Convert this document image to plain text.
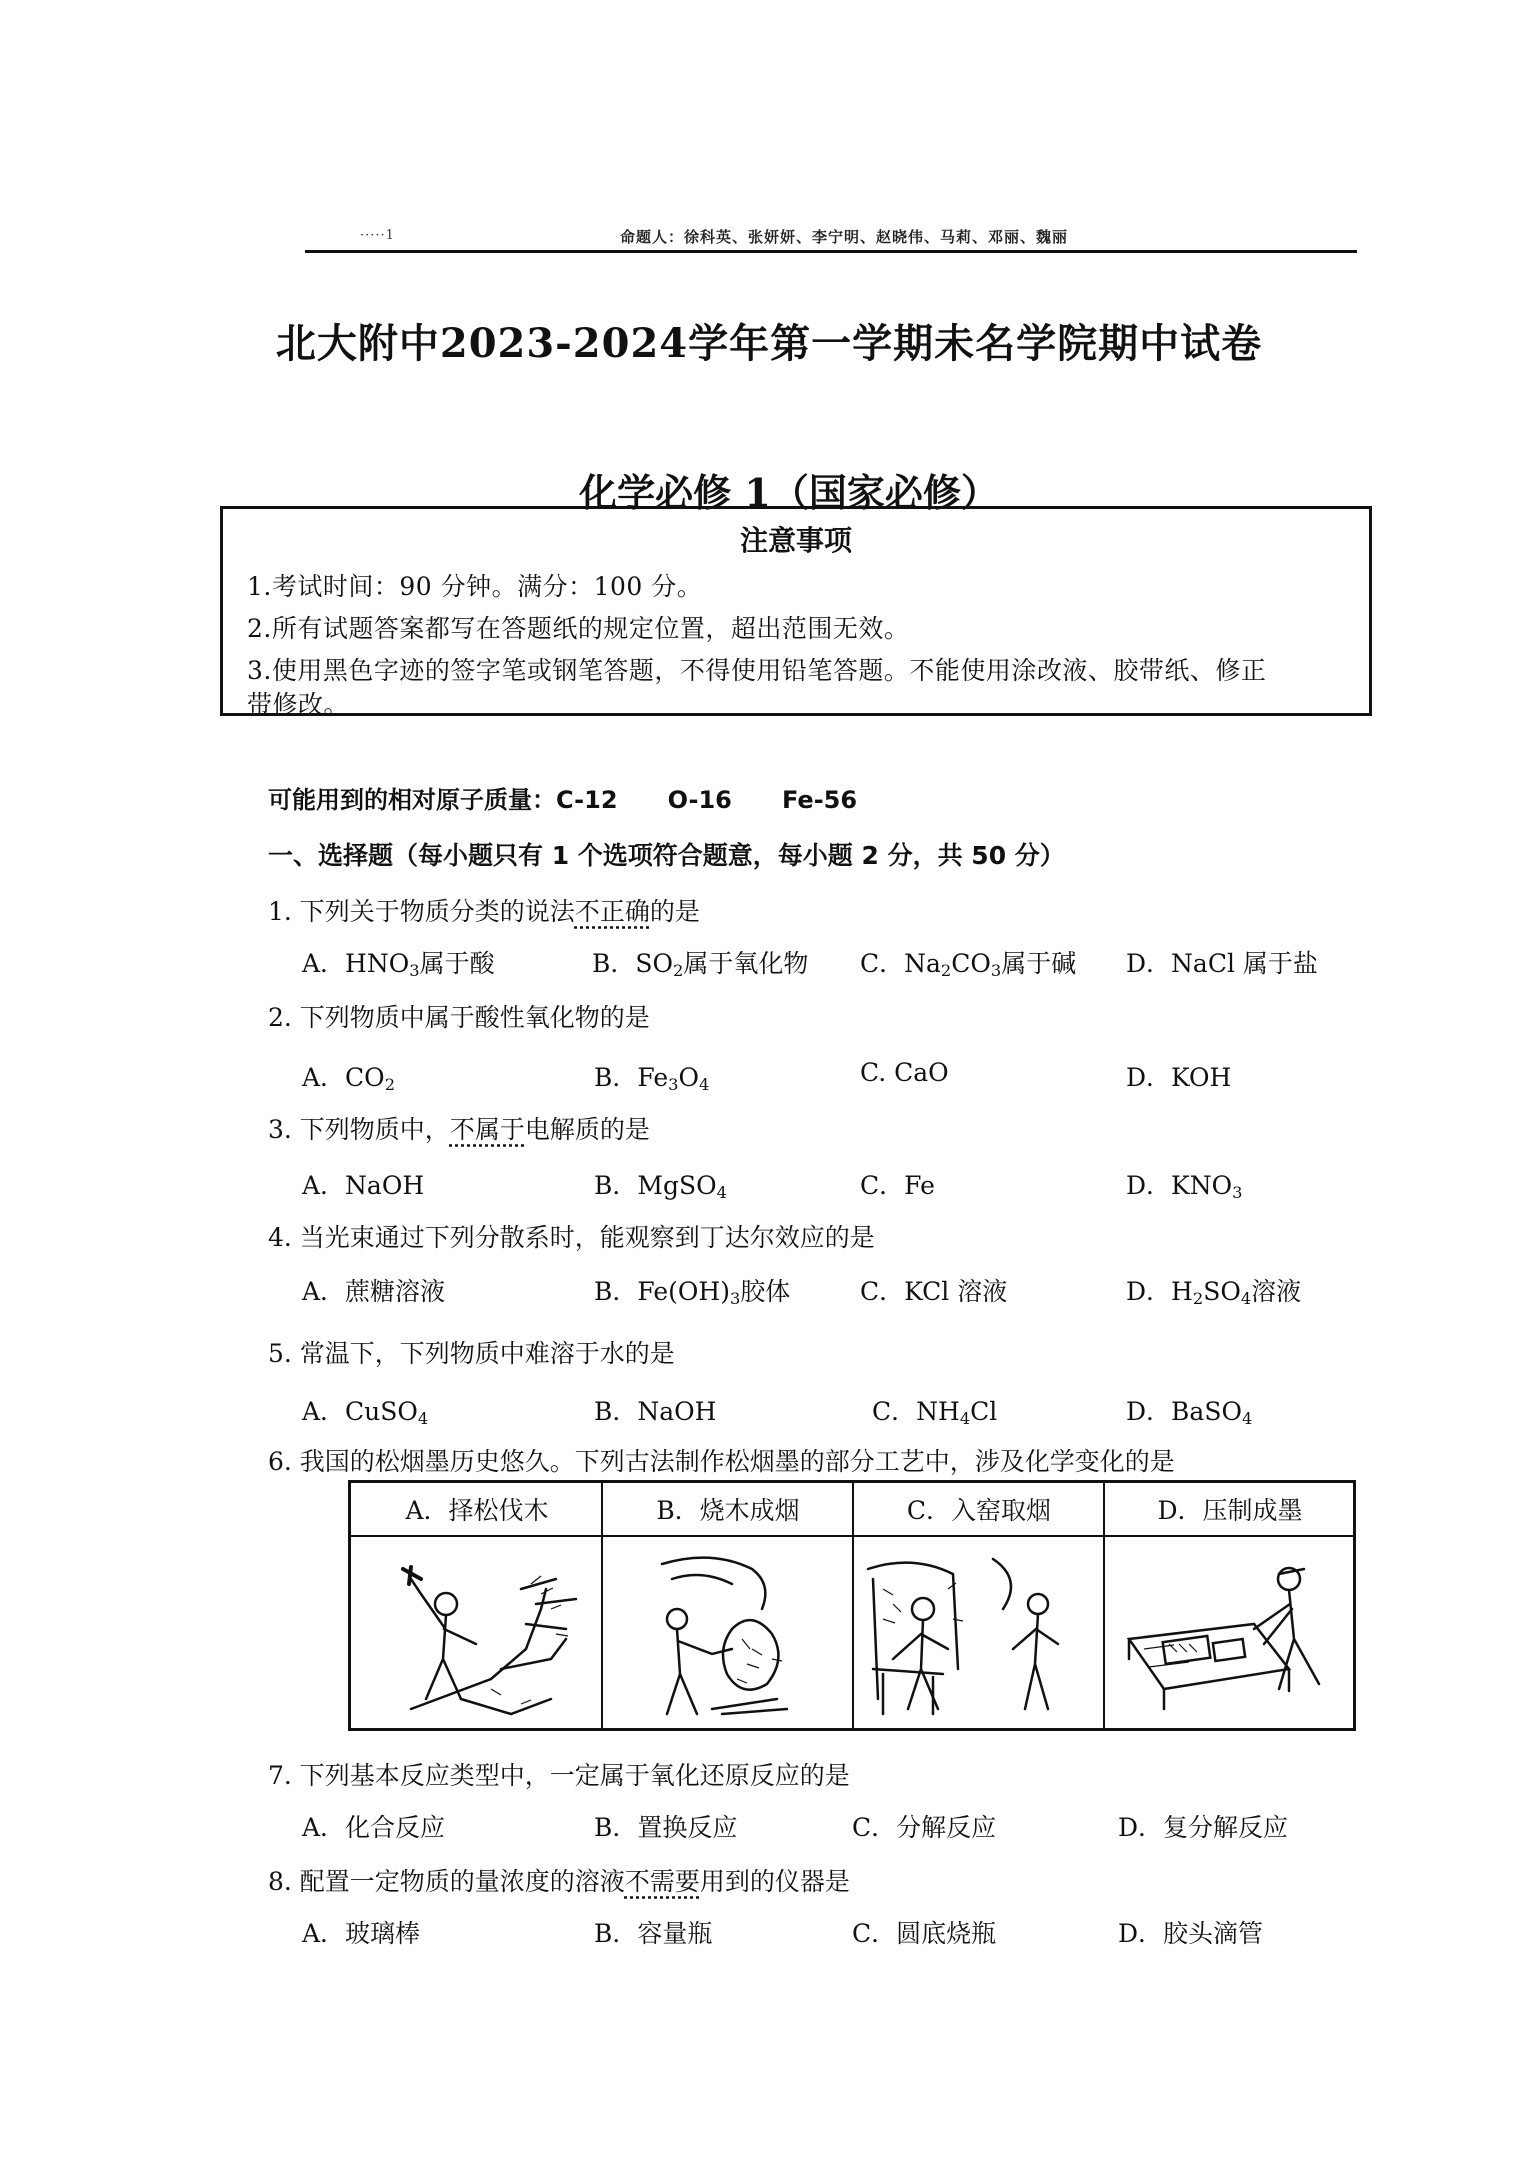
·····1	命题人：徐科英、张妍妍、李宁明、赵晓伟、马莉、邓丽、魏丽
北大附中2023-2024学年第一学期未名学院期中试卷
化学必修 1（国家必修）
注意事项
1.考试时间：90 分钟。满分：100 分。
2.所有试题答案都写在答题纸的规定位置，超出范围无效。
3.使用黑色字迹的签字笔或钢笔答题，不得使用铅笔答题。不能使用涂改液、胶带纸、修正
带修改。
可能用到的相对原子质量：C-12      O-16      Fe-56
一、选择题（每小题只有 1 个选项符合题意，每小题 2 分，共 50 分）
1. 下列关于物质分类的说法不正确的是
A．$HNO_3$属于酸	B．$SO_2$属于氧化物 C．$Na_2CO_3$属于碱 D．NaCl 属于盐
2. 下列物质中属于酸性氧化物的是
A．$CO_2$	B．$Fe_3O_4$	C. CaO	D．KOH
3. 下列物质中，不属于电解质的是
A．NaOH	B．MgSO$_4$	C．Fe	D．$KNO_3$
4. 当光束通过下列分散系时，能观察到丁达尔效应的是
A．蔗糖溶液	B．$Fe(OH)_3$胶体	C．KCl 溶液	D．$H_2SO_4$溶液
5. 常温下，下列物质中难溶于水的是
A．CuSO$_4$	B．NaOH	C．$NH_4Cl$	D．BaSO$_4$
6. 我国的松烟墨历史悠久。下列古法制作松烟墨的部分工艺中，涉及化学变化的是
A．择松伐木	B．烧木成烟	C．入窑取烟	D．压制成墨
7. 下列基本反应类型中，一定属于氧化还原反应的是
A．化合反应	B．置换反应	C．分解反应	D．复分解反应
8. 配置一定物质的量浓度的溶液不需要用到的仪器是
A．玻璃棒	B．容量瓶	C．圆底烧瓶	D．胶头滴管
